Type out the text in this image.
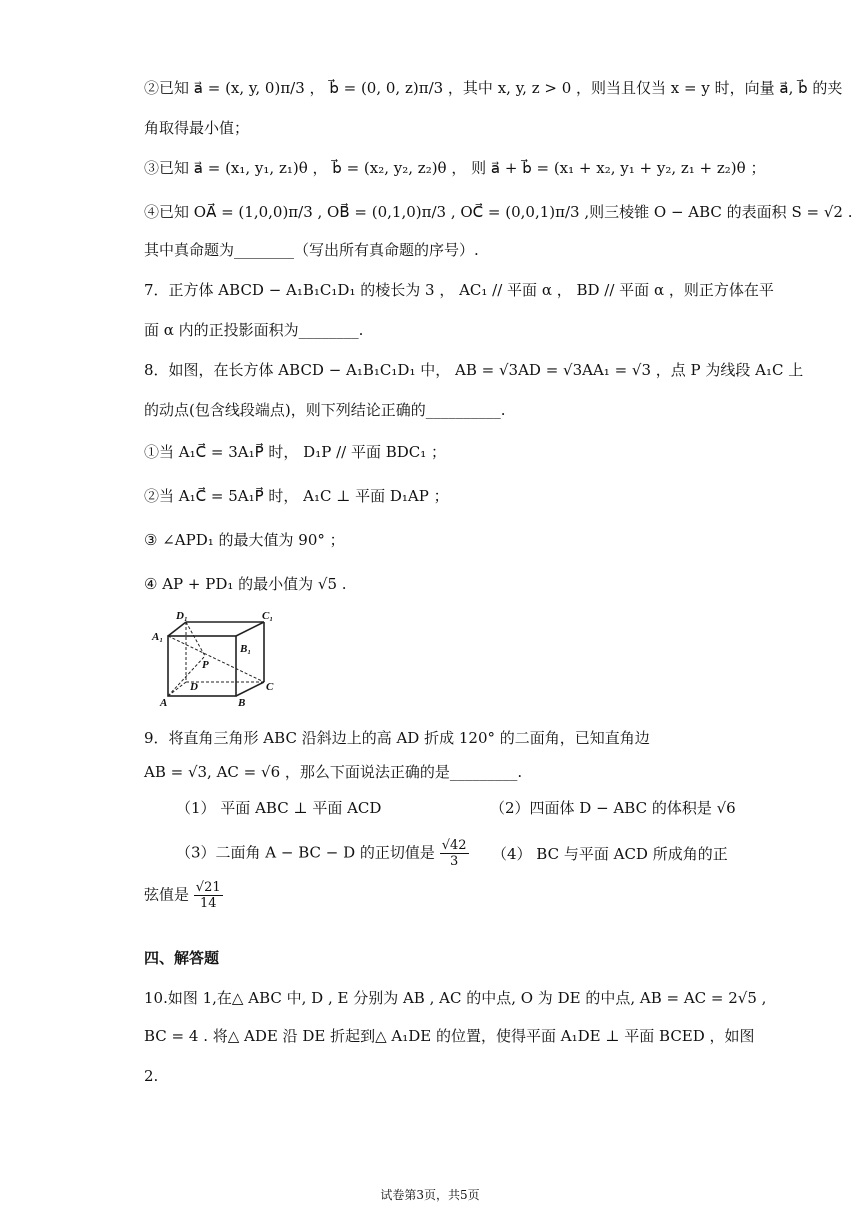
②已知 a⃗ = (x, y, 0)π/3 ， b⃗ = (0, 0, z)π/3 ，其中 x, y, z > 0 ，则当且仅当 x = y 时，向量 a⃗, b⃗ 的夹
角取得最小值；
③已知 a⃗ = (x₁, y₁, z₁)θ ， b⃗ = (x₂, y₂, z₂)θ ， 则 a⃗ + b⃗ = (x₁ + x₂, y₁ + y₂, z₁ + z₂)θ ；
④已知 OA⃗ = (1,0,0)π/3 , OB⃗ = (0,1,0)π/3 , OC⃗ = (0,0,1)π/3 ,则三棱锥 O − ABC 的表面积 S = √2 .
其中真命题为________（写出所有真命题的序号）.
7．正方体 ABCD − A₁B₁C₁D₁ 的棱长为 3 ， AC₁ // 平面 α ， BD // 平面 α ，则正方体在平
面 α 内的正投影面积为________.
8．如图，在长方体 ABCD − A₁B₁C₁D₁ 中， AB = √3AD = √3AA₁ = √3 ，点 P 为线段 A₁C 上
的动点(包含线段端点)，则下列结论正确的__________.
①当 A₁C⃗ = 3A₁P⃗ 时， D₁P // 平面 BDC₁ ；
②当 A₁C⃗ = 5A₁P⃗ 时， A₁C ⊥ 平面 D₁AP ；
③ ∠APD₁ 的最大值为 90° ；
④ AP + PD₁ 的最小值为 √5 .
D₁	C₁
A₁
B₁
P
D	C
A	B
9．将直角三角形 ABC 沿斜边上的高 AD 折成 120° 的二面角，已知直角边
AB = √3, AC = √6 ，那么下面说法正确的是_________.
（1） 平面 ABC ⊥ 平面 ACD	（2）四面体 D − ABC 的体积是 √6
（3）二面角 A − BC − D 的正切值是 $\frac{√42}{3} (4)$ BC 与平面 ACD 所成角的正
弦值是 $\frac{√21}{14}$
四、解答题
10.如图 1,在△ ABC 中, D , E 分别为 AB , AC 的中点, O 为 DE 的中点, AB = AC = 2√5 ,
BC = 4 . 将△ ADE 沿 DE 折起到△ A₁DE 的位置，使得平面 A₁DE ⊥ 平面 BCED ，如图
2.
试卷第3页，共5页
